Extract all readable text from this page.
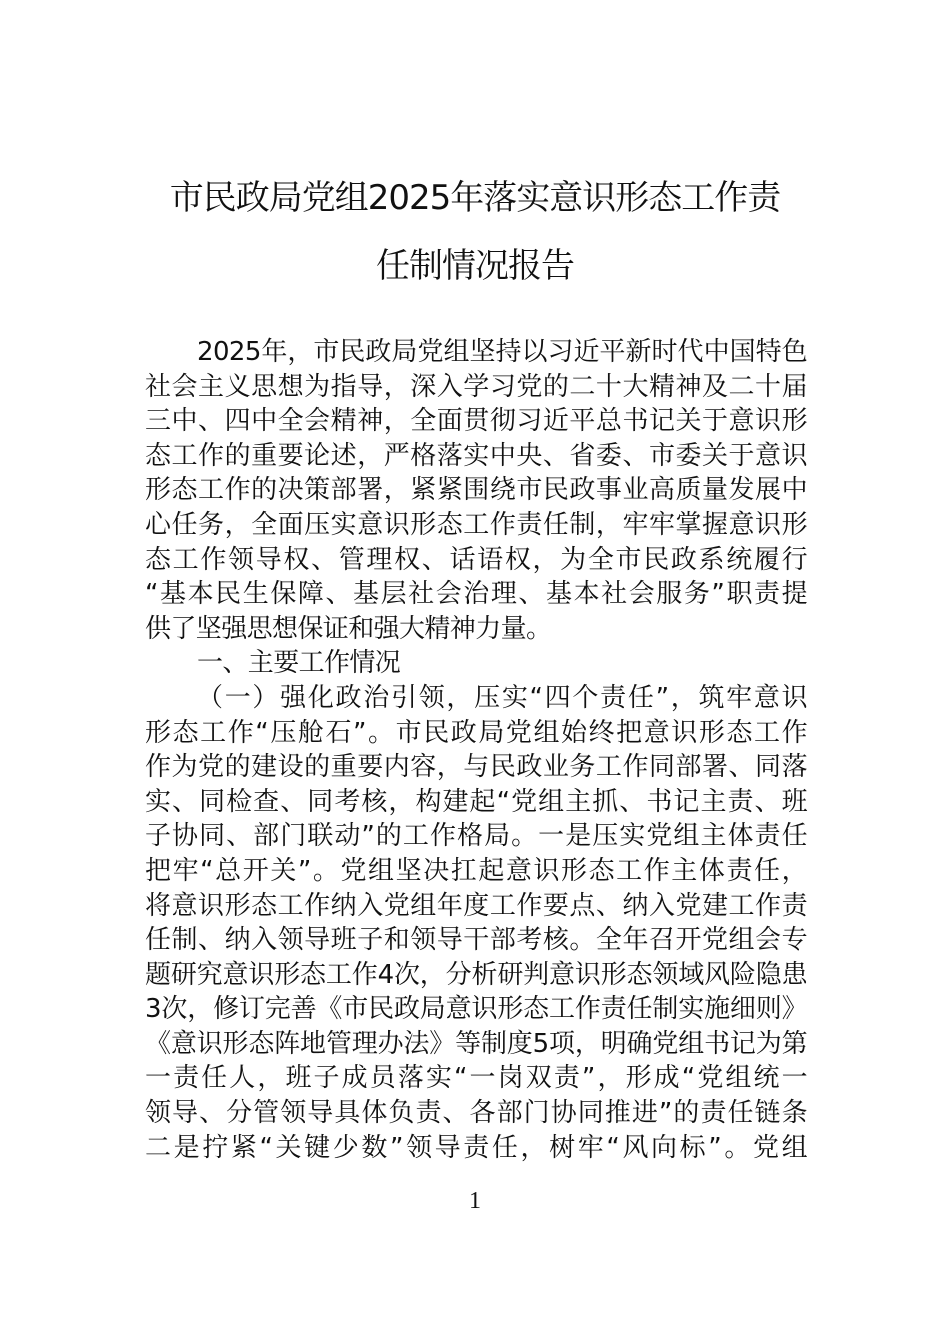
市民政局党组2025年落实意识形态工作责
任制情况报告
2025年，市民政局党组坚持以习近平新时代中国特色
社会主义思想为指导，深入学习党的二十大精神及二十届
三中、四中全会精神，全面贯彻习近平总书记关于意识形
态工作的重要论述，严格落实中央、省委、市委关于意识
形态工作的决策部署，紧紧围绕市民政事业高质量发展中
心任务，全面压实意识形态工作责任制，牢牢掌握意识形
态工作领导权、管理权、话语权，为全市民政系统履行
“基本民生保障、基层社会治理、基本社会服务”职责提
供了坚强思想保证和强大精神力量。
一、主要工作情况
（一）强化政治引领，压实“四个责任”，筑牢意识
形态工作“压舱石”。市民政局党组始终把意识形态工作
作为党的建设的重要内容，与民政业务工作同部署、同落
实、同检查、同考核，构建起“党组主抓、书记主责、班
子协同、部门联动”的工作格局。一是压实党组主体责任
把牢“总开关”。党组坚决扛起意识形态工作主体责任，
将意识形态工作纳入党组年度工作要点、纳入党建工作责
任制、纳入领导班子和领导干部考核。全年召开党组会专
题研究意识形态工作4次，分析研判意识形态领域风险隐患
3次，修订完善《市民政局意识形态工作责任制实施细则》
《意识形态阵地管理办法》等制度5项，明确党组书记为第
一责任人，班子成员落实“一岗双责”，形成“党组统一
领导、分管领导具体负责、各部门协同推进”的责任链条
二是拧紧“关键少数”领导责任，树牢“风向标”。党组
1
